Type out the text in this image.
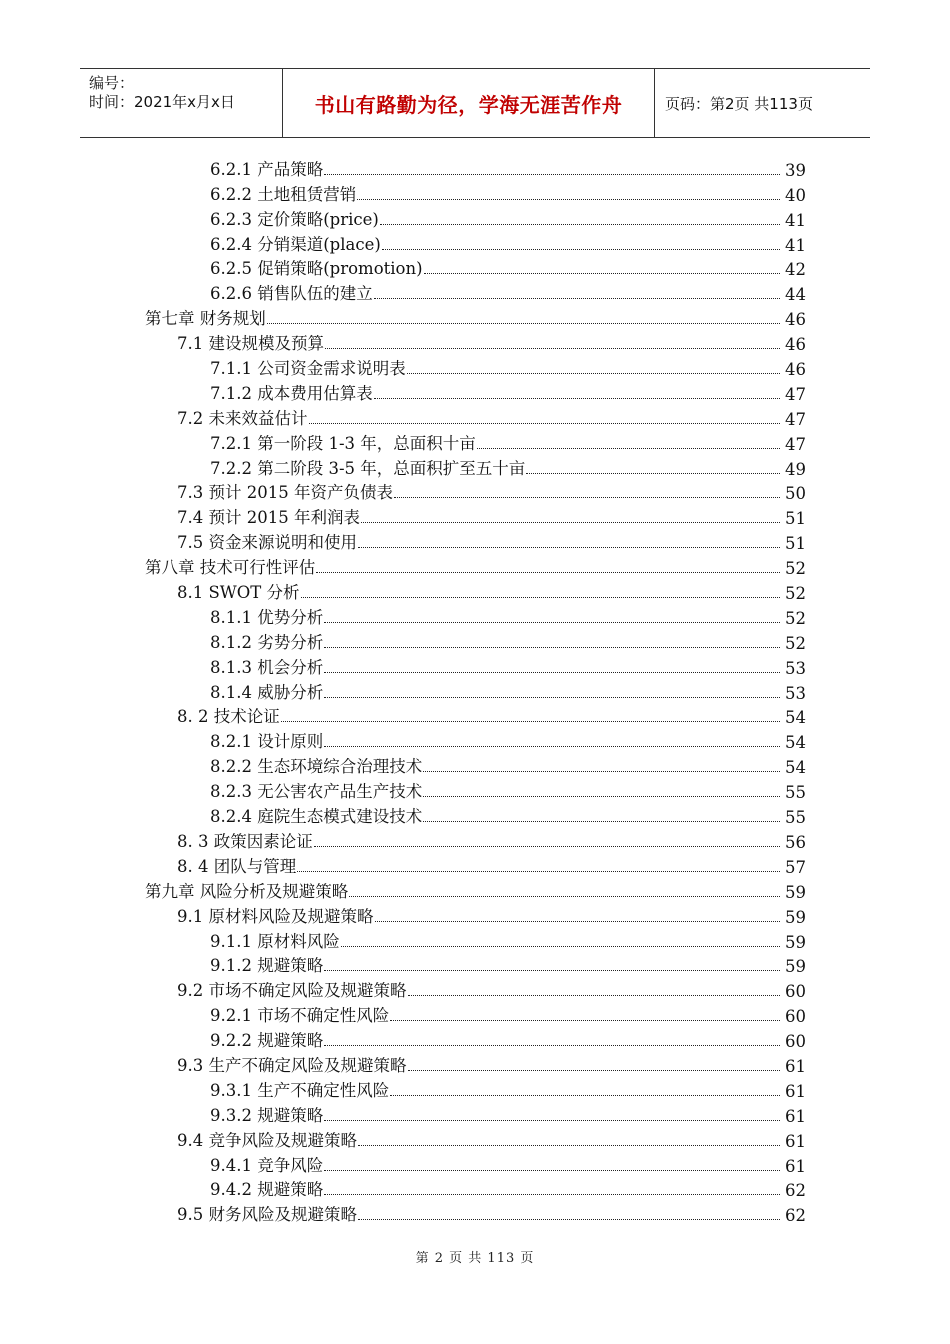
编号：
时间：2021年x月x日	书山有路勤为径，学海无涯苦作舟	页码：第2页 共113页
6.2.1 产品策略	39
6.2.2 土地租赁营销	40
6.2.3 定价策略(price)	41
6.2.4 分销渠道(place)	41
6.2.5 促销策略(promotion)	42
6.2.6 销售队伍的建立	44
第七章 财务规划	46
7.1 建设规模及预算	46
7.1.1 公司资金需求说明表	46
7.1.2 成本费用估算表	47
7.2 未来效益估计	47
7.2.1 第一阶段 1-3 年，总面积十亩	47
7.2.2 第二阶段 3-5 年，总面积扩至五十亩	49
7.3 预计 2015 年资产负债表	50
7.4 预计 2015 年利润表	51
7.5 资金来源说明和使用	51
第八章 技术可行性评估	52
8.1 SWOT 分析	52
8.1.1 优势分析	52
8.1.2 劣势分析	52
8.1.3 机会分析	53
8.1.4 威胁分析	53
8. 2 技术论证	54
8.2.1 设计原则	54
8.2.2 生态环境综合治理技术	54
8.2.3 无公害农产品生产技术	55
8.2.4 庭院生态模式建设技术	55
8. 3 政策因素论证	56
8. 4 团队与管理	57
第九章 风险分析及规避策略	59
9.1 原材料风险及规避策略	59
9.1.1 原材料风险	59
9.1.2 规避策略	59
9.2 市场不确定风险及规避策略	60
9.2.1 市场不确定性风险	60
9.2.2 规避策略	60
9.3 生产不确定风险及规避策略	61
9.3.1 生产不确定性风险	61
9.3.2 规避策略	61
9.4 竞争风险及规避策略	61
9.4.1 竞争风险	61
9.4.2 规避策略	62
9.5 财务风险及规避策略	62
第 2 页 共 113 页
